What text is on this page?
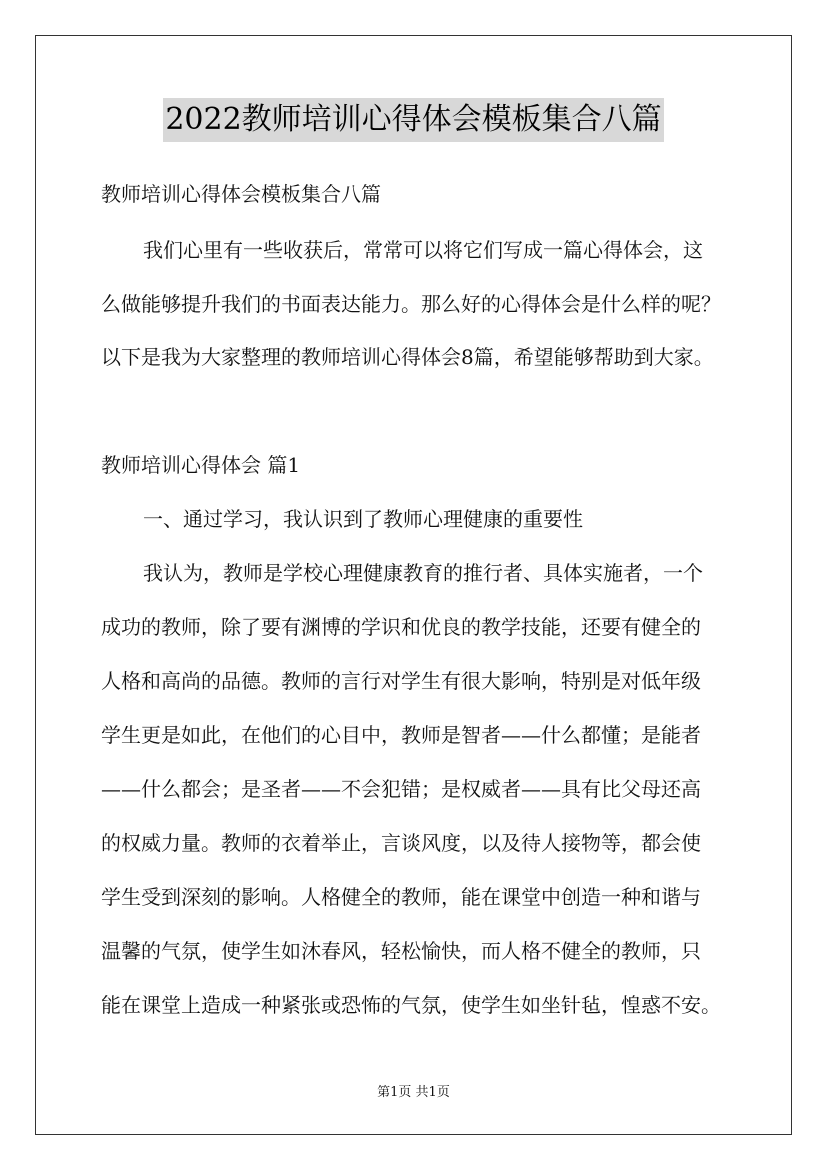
2022教师培训心得体会模板集合八篇
教师培训心得体会模板集合八篇
我们心里有一些收获后，常常可以将它们写成一篇心得体会，这
么做能够提升我们的书面表达能力。那么好的心得体会是什么样的呢？
以下是我为大家整理的教师培训心得体会8篇，希望能够帮助到大家。
教师培训心得体会 篇1
一、通过学习，我认识到了教师心理健康的重要性
我认为，教师是学校心理健康教育的推行者、具体实施者，一个
成功的教师，除了要有渊博的学识和优良的教学技能，还要有健全的
人格和高尚的品德。教师的言行对学生有很大影响，特别是对低年级
学生更是如此，在他们的心目中，教师是智者——什么都懂；是能者
——什么都会；是圣者——不会犯错；是权威者——具有比父母还高
的权威力量。教师的衣着举止，言谈风度，以及待人接物等，都会使
学生受到深刻的影响。人格健全的教师，能在课堂中创造一种和谐与
温馨的气氛，使学生如沐春风，轻松愉快，而人格不健全的教师，只
能在课堂上造成一种紧张或恐怖的气氛，使学生如坐针毡，惶惑不安。
第1页 共1页
